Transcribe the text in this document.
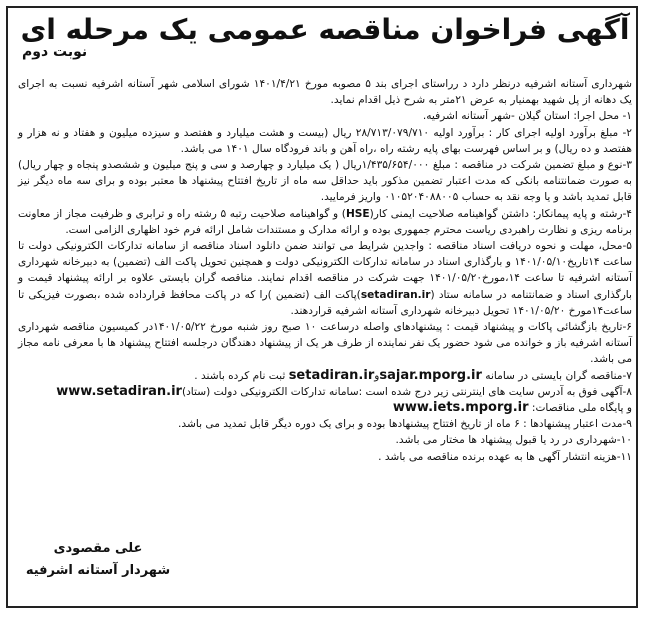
آگهی فراخوان مناقصه عمومی یک مرحله ای
نوبت دوم

شهرداری آستانه اشرفیه درنظر دارد د رراستای اجرای بند ۵ مصوبه مورخ ۱۴۰۱/۴/۲۱ شورای اسلامی شهر آستانه اشرفیه نسبت به اجرای یک دهانه از پل شهید بهمنیار به عرض ۲۱متر به شرح ذیل اقدام نماید.

۱- محل اجرا: استان گیلان -شهر آستانه اشرفیه.

۲- مبلغ برآورد اولیه اجرای کار : برآورد اولیه ۲۸/۷۱۳/۰۷۹/۷۱۰ ریال (بیست و هشت میلیارد و هفتصد و سیزده میلیون و هفتاد و نه هزار و هفتصد و ده ریال) و بر اساس فهرست بهای پایه رشته راه ،راه آهن و باند فرودگاه سال ۱۴۰۱ می باشد.

۳-نوع و مبلغ تضمین شرکت در مناقصه : مبلغ ۱/۴۳۵/۶۵۴/۰۰۰ریال ( یک میلیارد و چهارصد و سی و پنج میلیون و ششصدو پنجاه و چهار ریال) به صورت ضمانتنامه بانکی که مدت اعتبار تضمین مذکور باید حداقل سه ماه از تاریخ افتتاح پیشنهاد ها معتبر بوده و برای سه ماه دیگر نیز قابل تمدید باشد و یا وجه نقد به حساب ۰۱۰۵۲۰۴۰۸۸۰۰۵ واریز فرمایید.

۴-رشته و پایه پیمانکار: داشتن گواهینامه صلاحیت ایمنی کار(HSE) و گواهینامه صلاحیت رتبه ۵ رشته راه و ترابری و ظرفیت مجاز از معاونت برنامه ریزی و نظارت راهبردی ریاست محترم جمهوری بوده و ارائه مدارک و مستندات شامل ارائه فرم خود اظهاری الزامی است.

۵-محل، مهلت و نحوه دریافت اسناد مناقصه : واجدین شرایط می توانند ضمن دانلود اسناد مناقصه از سامانه تدارکات الکترونیکی دولت تا ساعت ۱۴تاریخ۱۴۰۱/۰۵/۱۰ و بارگذاری اسناد در سامانه تدارکات الکترونیکی دولت و همچنین تحویل پاکت الف (تضمین) به دبیرخانه شهرداری آستانه اشرفیه تا ساعت ۱۴،مورخ۱۴۰۱/۰۵/۲۰ جهت شرکت در مناقصه اقدام نمایند. مناقصه گران بایستی علاوه بر ارائه پیشنهاد قیمت و بارگذاری اسناد و ضمانتنامه در سامانه ستاد (setadiran.ir)پاکت الف (تضمین )را که در پاکت محافظ قرارداده شده ،بصورت فیزیکی تا ساعت۱۴مورخ ۱۴۰۱/۰۵/۲۰ تحویل دبیرخانه شهرداری آستانه اشرفیه قراردهند.

۶-تاریخ بازگشائی پاکات و پیشنهاد قیمت : پیشنهادهای واصله درساعت ۱۰ صبح روز شنبه مورخ ۱۴۰۱/۰۵/۲۲در کمیسیون مناقصه شهرداری آستانه اشرفیه باز و خوانده می شود حضور یک نفر نماینده از طرف هر یک از پیشنهاد دهندگان درجلسه افتتاح پیشنهاد ها با معرفی نامه مجاز می باشد.

۷-مناقصه گران بایستی در سامانه sajar.mporg.irوsetadiran.ir ثبت نام کرده باشند .

۸-آگهی فوق به آدرس سایت های اینترنتی زیر درج شده است :سامانه تدارکات الکترونیکی دولت (ستاد)www.setadiran.ir
و پایگاه ملی مناقصات: www.iets.mporg.ir

۹-مدت اعتبار پیشنهادها : ۶ ماه از تاریخ افتتاح پیشنهادها بوده و برای یک دوره دیگر قابل تمدید می باشد.

۱۰-شهرداری در رد یا قبول پیشنهاد ها مختار می باشد.

۱۱-هزینه انتشار آگهی ها به عهده برنده مناقصه می باشد .

علی مقصودی
شهردار آستانه اشرفیه
